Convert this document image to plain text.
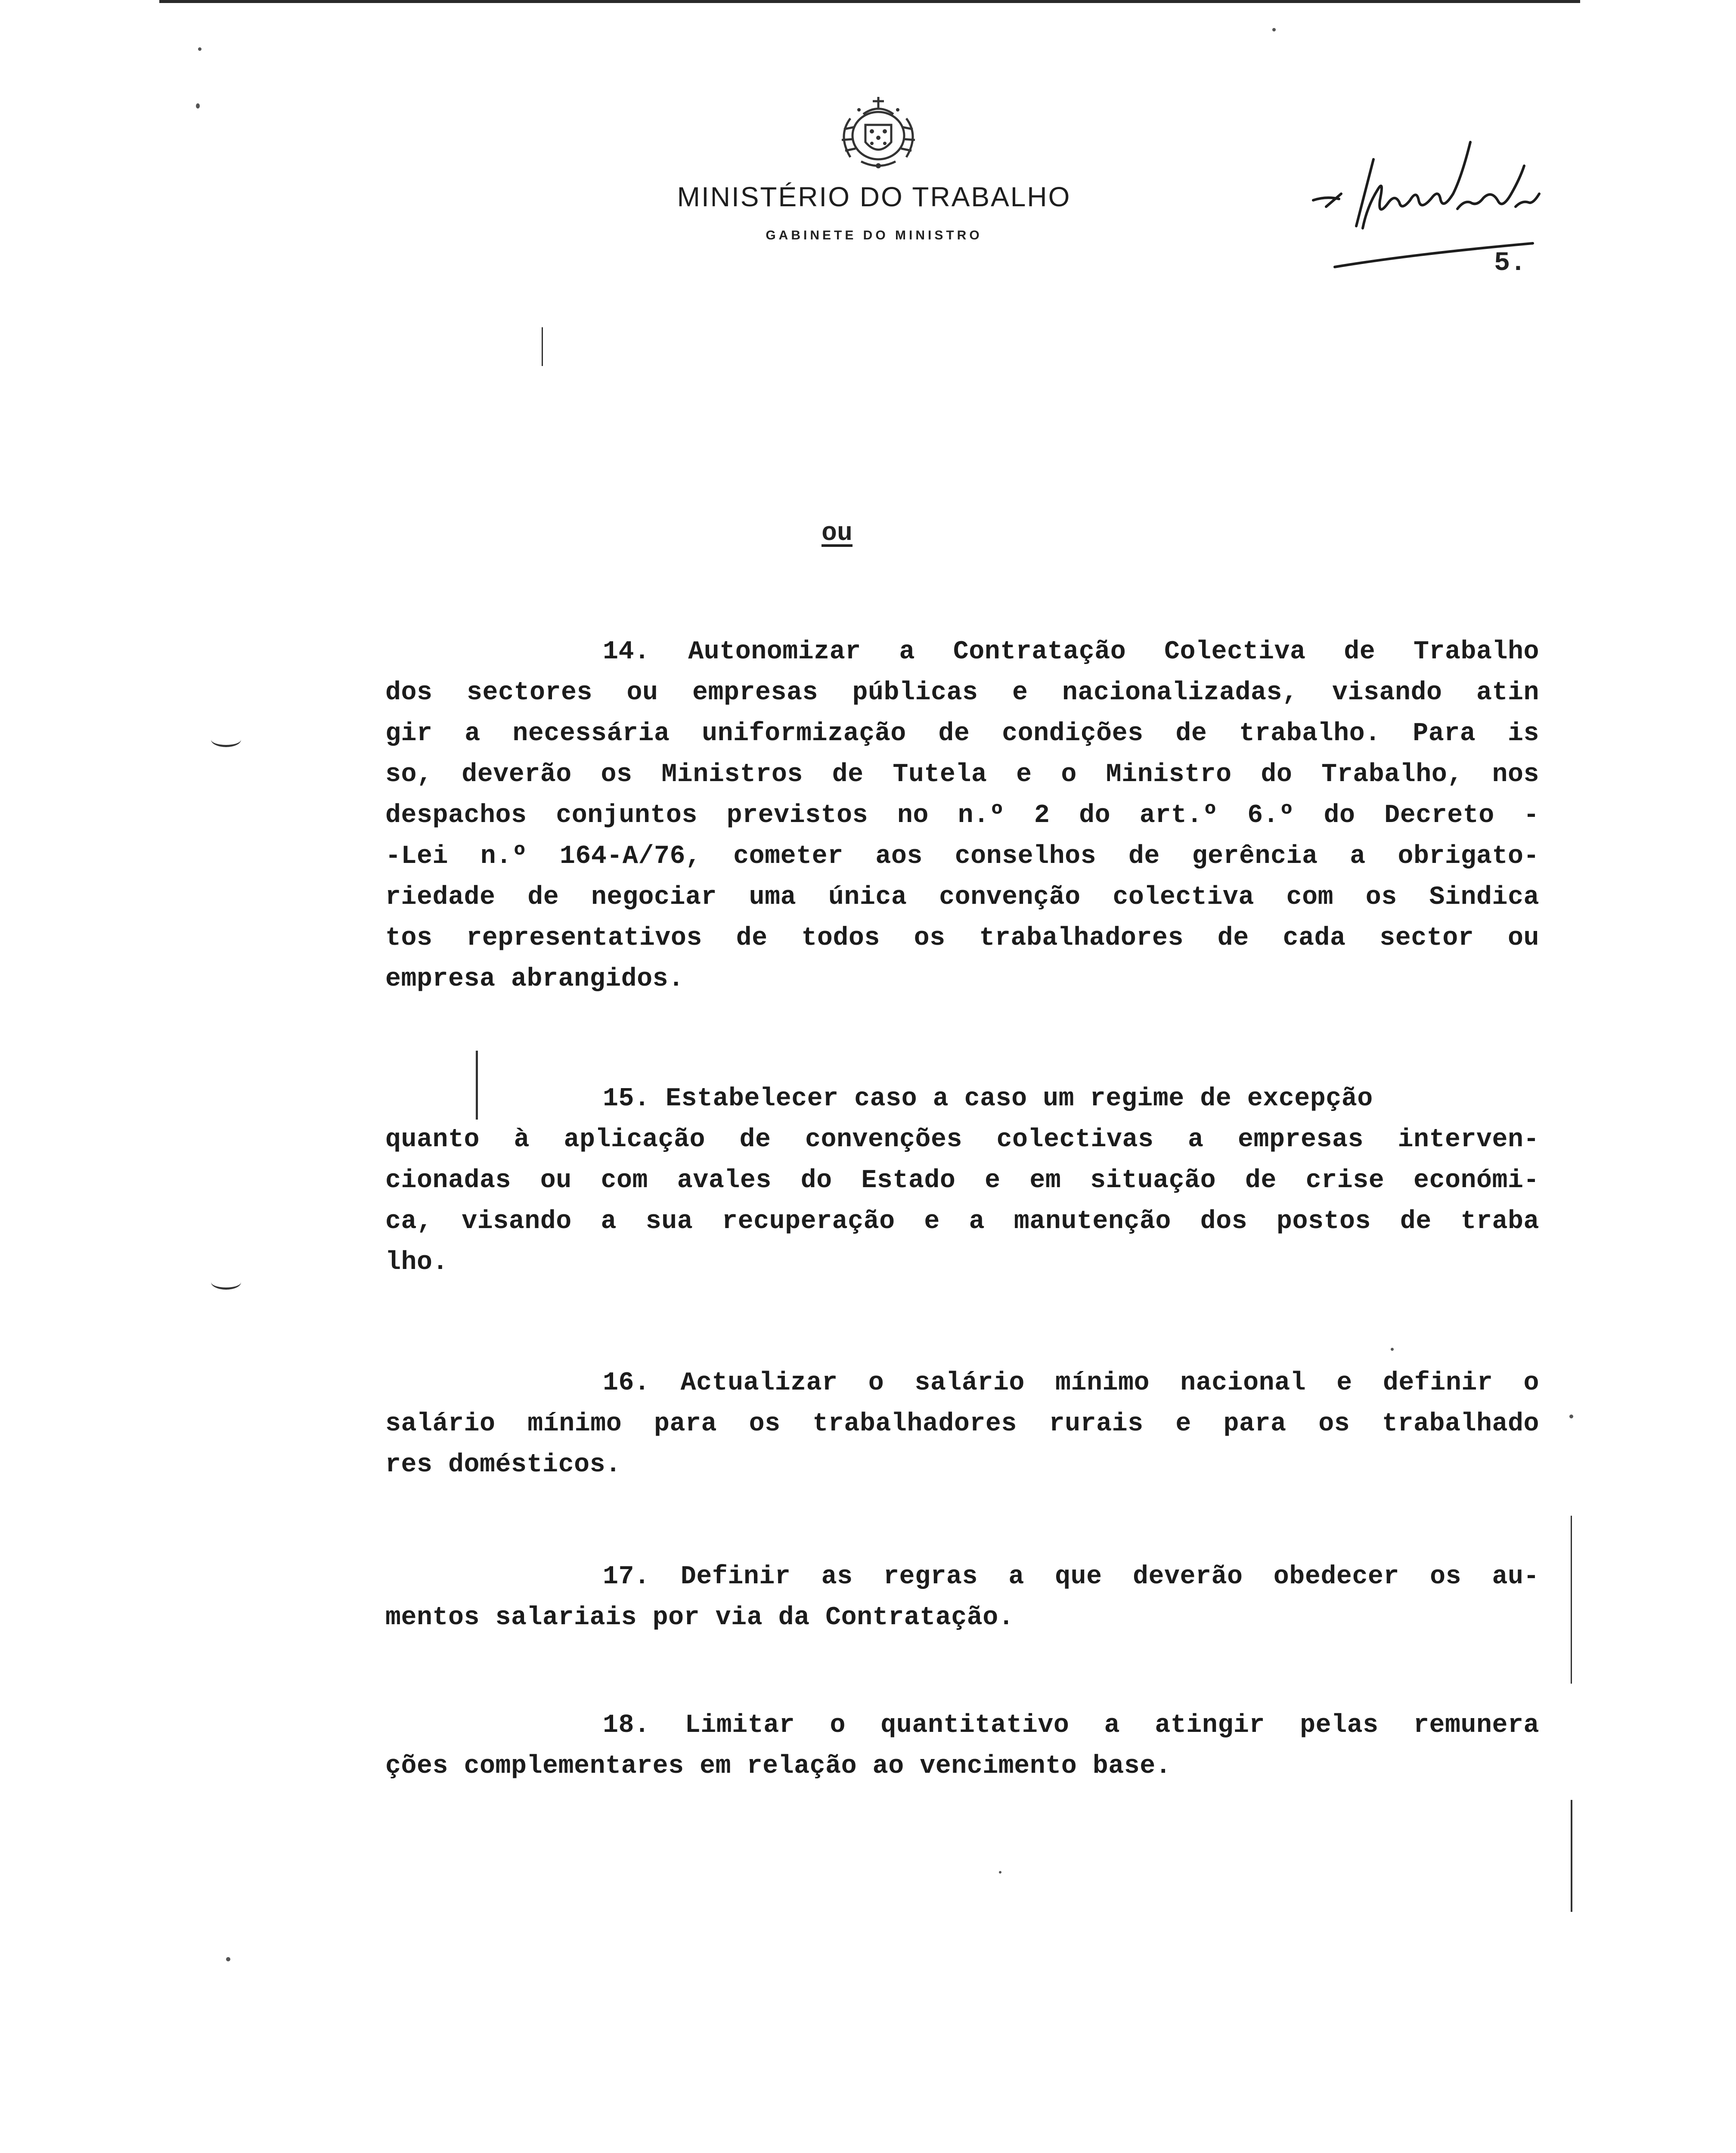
MINISTÉRIO DO TRABALHO
GABINETE DO MINISTRO
5.
ou
14. Autonomizar a Contratação Colectiva de Trabalho
dos sectores ou empresas públicas e nacionalizadas, visando atin
gir a necessária uniformização de condições de trabalho. Para is
so, deverão os Ministros de Tutela e o Ministro do Trabalho, nos
despachos conjuntos previstos no n.º 2 do art.º 6.º do Decreto -
-Lei n.º 164-A/76, cometer aos conselhos de gerência a obrigato-
riedade de negociar uma única convenção colectiva com os Sindica
tos representativos de todos os trabalhadores de cada sector ou
empresa abrangidos.
15. Estabelecer caso a caso um regime de excepção
quanto à aplicação de convenções colectivas a empresas interven-
cionadas ou com avales do Estado e em situação de crise económi-
ca, visando a sua recuperação e a manutenção dos postos de traba
lho.
16. Actualizar o salário mínimo nacional e definir o
salário mínimo para os trabalhadores rurais e para os trabalhado
res domésticos.
17. Definir as regras a que deverão obedecer os au-
mentos salariais por via da Contratação.
18. Limitar o quantitativo a atingir pelas remunera
ções complementares em relação ao vencimento base.
